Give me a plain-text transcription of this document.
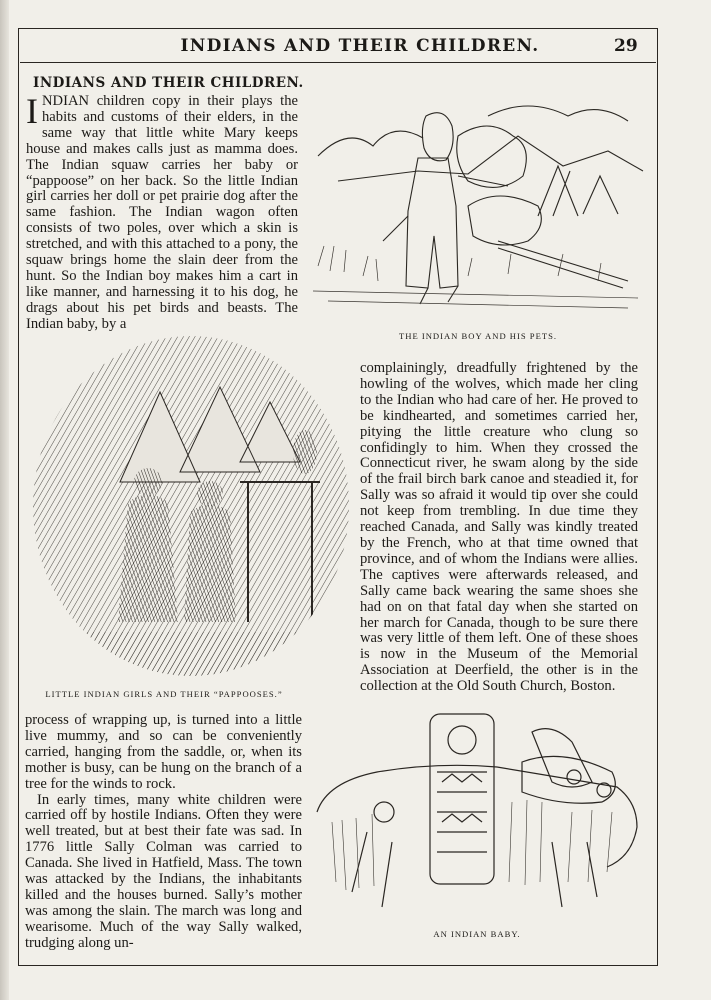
INDIANS AND THEIR CHILDREN.	29
INDIANS AND THEIR CHILDREN.

INDIAN children copy in their plays the habits and customs of their elders, in the same way that little white Mary keeps house and makes calls just as mamma does. The Indian squaw carries her baby or “pappoose” on her back. So the little Indian girl carries her doll or pet prairie dog after the same fashion. The Indian wagon often consists of two poles, over which a skin is stretched, and with this attached to a pony, the squaw brings home the slain deer from the hunt. So the Indian boy makes him a cart in like manner, and harnessing it to his dog, he drags about his pet birds and beasts. The Indian baby, by a

THE INDIAN BOY AND HIS PETS.
LITTLE INDIAN GIRLS AND THEIR “PAPPOOSES.”

complainingly, dreadfully frightened by the howling of the wolves, which made her cling to the Indian who had care of her. He proved to be kindhearted, and sometimes carried her, pitying the little creature who clung so confidingly to him. When they crossed the Connecticut river, he swam along by the side of the frail birch bark canoe and steadied it, for Sally was so afraid it would tip over she could not keep from trembling. In due time they reached Canada, and Sally was kindly treated by the French, who at that time owned that province, and of whom the Indians were allies. The captives were afterwards released, and Sally came back wearing the same shoes she had on on that fatal day when she started on her march for Canada, though to be sure there was very little of them left. One of these shoes is now in the Museum of the Memorial Association at Deerfield, the other is in the collection at the Old South Church, Boston.

process of wrapping up, is turned into a little live mummy, and so can be conveniently carried, hanging from the saddle, or, when its mother is busy, can be hung on the branch of a tree for the winds to rock.
In early times, many white children were carried off by hostile Indians. Often they were well treated, but at best their fate was sad. In 1776 little Sally Colman was carried to Canada. She lived in Hatfield, Mass. The town was attacked by the Indians, the inhabitants killed and the houses burned. Sally’s mother was among the slain. The march was long and wearisome. Much of the way Sally walked, trudging along un-
AN INDIAN BABY.
